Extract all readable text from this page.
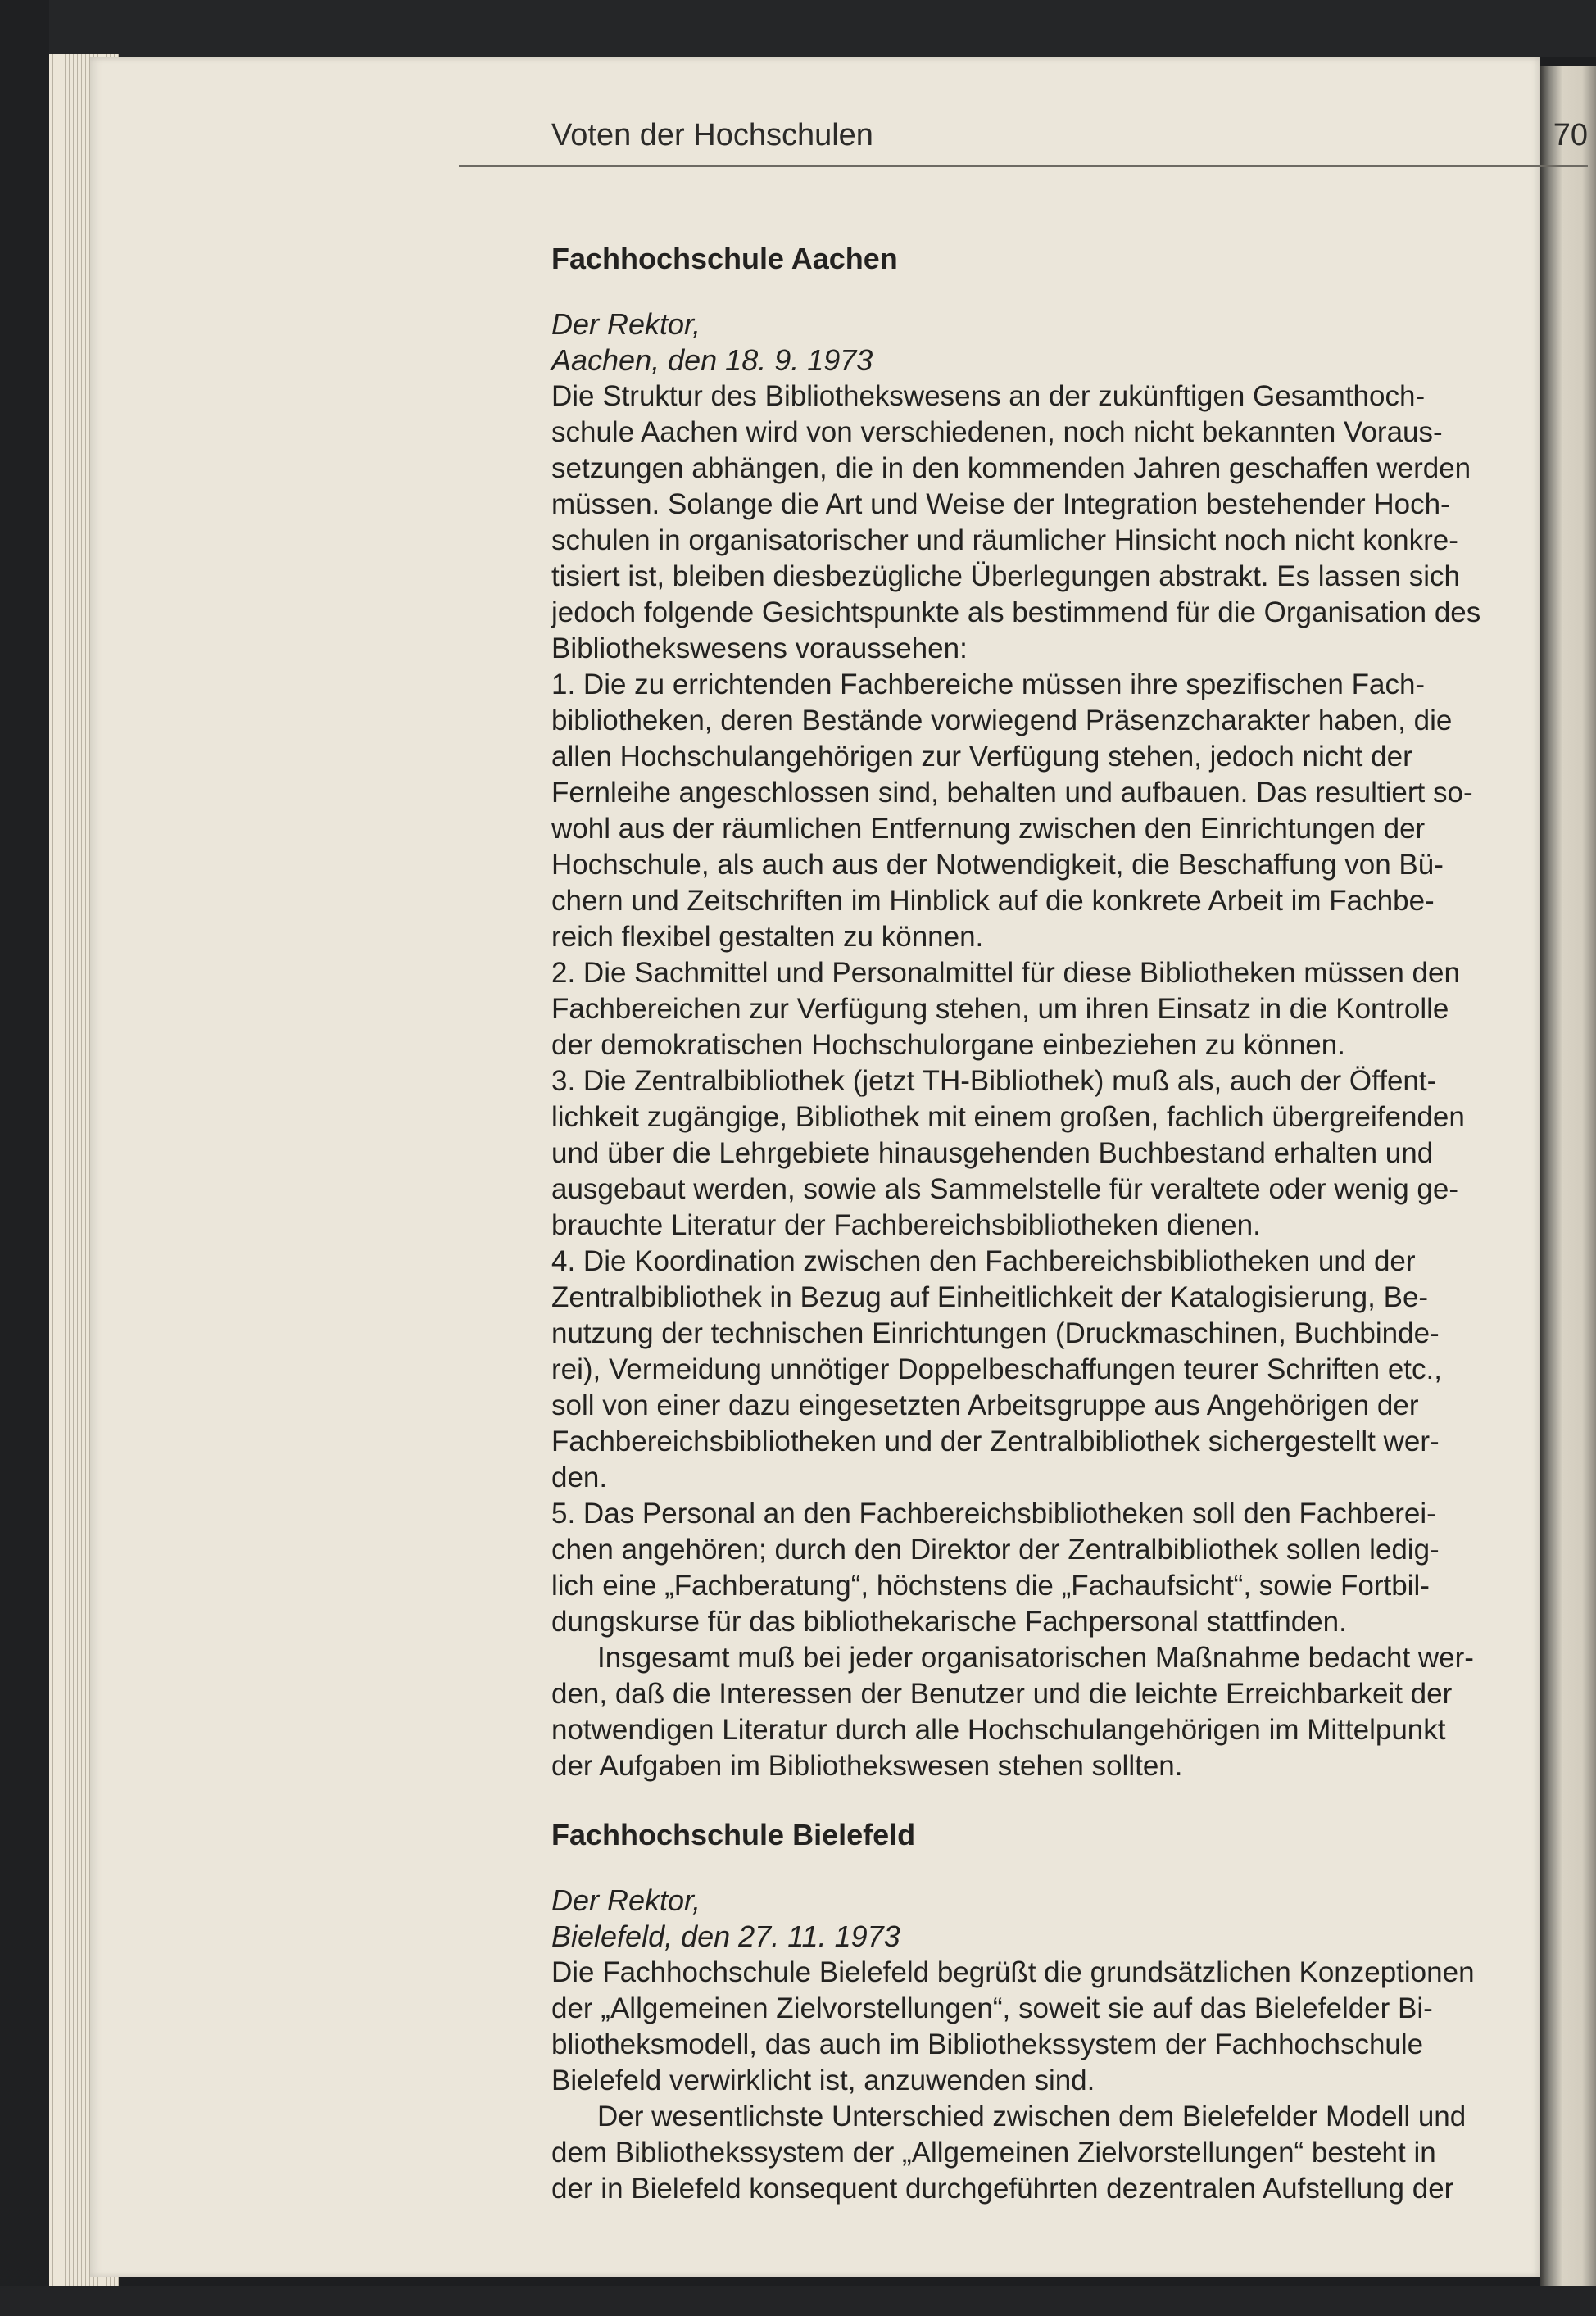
Voten der Hochschulen	70
Fachhochschule Aachen
Der Rektor,
Aachen, den 18. 9. 1973

Die Struktur des Bibliothekswesens an der zukünftigen Gesamthoch-
schule Aachen wird von verschiedenen, noch nicht bekannten Voraus-
setzungen abhängen, die in den kommenden Jahren geschaffen werden
müssen. Solange die Art und Weise der Integration bestehender Hoch-
schulen in organisatorischer und räumlicher Hinsicht noch nicht konkre-
tisiert ist, bleiben diesbezügliche Überlegungen abstrakt. Es lassen sich
jedoch folgende Gesichtspunkte als bestimmend für die Organisation des
Bibliothekswesens voraussehen:

1. Die zu errichtenden Fachbereiche müssen ihre spezifischen Fach-
bibliotheken, deren Bestände vorwiegend Präsenzcharakter haben, die
allen Hochschulangehörigen zur Verfügung stehen, jedoch nicht der
Fernleihe angeschlossen sind, behalten und aufbauen. Das resultiert so-
wohl aus der räumlichen Entfernung zwischen den Einrichtungen der
Hochschule, als auch aus der Notwendigkeit, die Beschaffung von Bü-
chern und Zeitschriften im Hinblick auf die konkrete Arbeit im Fachbe-
reich flexibel gestalten zu können.

2. Die Sachmittel und Personalmittel für diese Bibliotheken müssen den
Fachbereichen zur Verfügung stehen, um ihren Einsatz in die Kontrolle
der demokratischen Hochschulorgane einbeziehen zu können.

3. Die Zentralbibliothek (jetzt TH-Bibliothek) muß als, auch der Öffent-
lichkeit zugängige, Bibliothek mit einem großen, fachlich übergreifenden
und über die Lehrgebiete hinausgehenden Buchbestand erhalten und
ausgebaut werden, sowie als Sammelstelle für veraltete oder wenig ge-
brauchte Literatur der Fachbereichsbibliotheken dienen.

4. Die Koordination zwischen den Fachbereichsbibliotheken und der
Zentralbibliothek in Bezug auf Einheitlichkeit der Katalogisierung, Be-
nutzung der technischen Einrichtungen (Druckmaschinen, Buchbinde-
rei), Vermeidung unnötiger Doppelbeschaffungen teurer Schriften etc.,
soll von einer dazu eingesetzten Arbeitsgruppe aus Angehörigen der
Fachbereichsbibliotheken und der Zentralbibliothek sichergestellt wer-
den.

5. Das Personal an den Fachbereichsbibliotheken soll den Fachberei-
chen angehören; durch den Direktor der Zentralbibliothek sollen ledig-
lich eine „Fachberatung“, höchstens die „Fachaufsicht“, sowie Fortbil-
dungskurse für das bibliothekarische Fachpersonal stattfinden.

Insgesamt muß bei jeder organisatorischen Maßnahme bedacht wer-
den, daß die Interessen der Benutzer und die leichte Erreichbarkeit der
notwendigen Literatur durch alle Hochschulangehörigen im Mittelpunkt
der Aufgaben im Bibliothekswesen stehen sollten.

Fachhochschule Bielefeld
Der Rektor,
Bielefeld, den 27. 11. 1973

Die Fachhochschule Bielefeld begrüßt die grundsätzlichen Konzeptionen
der „Allgemeinen Zielvorstellungen“, soweit sie auf das Bielefelder Bi-
bliotheksmodell, das auch im Bibliothekssystem der Fachhochschule
Bielefeld verwirklicht ist, anzuwenden sind.

Der wesentlichste Unterschied zwischen dem Bielefelder Modell und
dem Bibliothekssystem der „Allgemeinen Zielvorstellungen“ besteht in
der in Bielefeld konsequent durchgeführten dezentralen Aufstellung der
